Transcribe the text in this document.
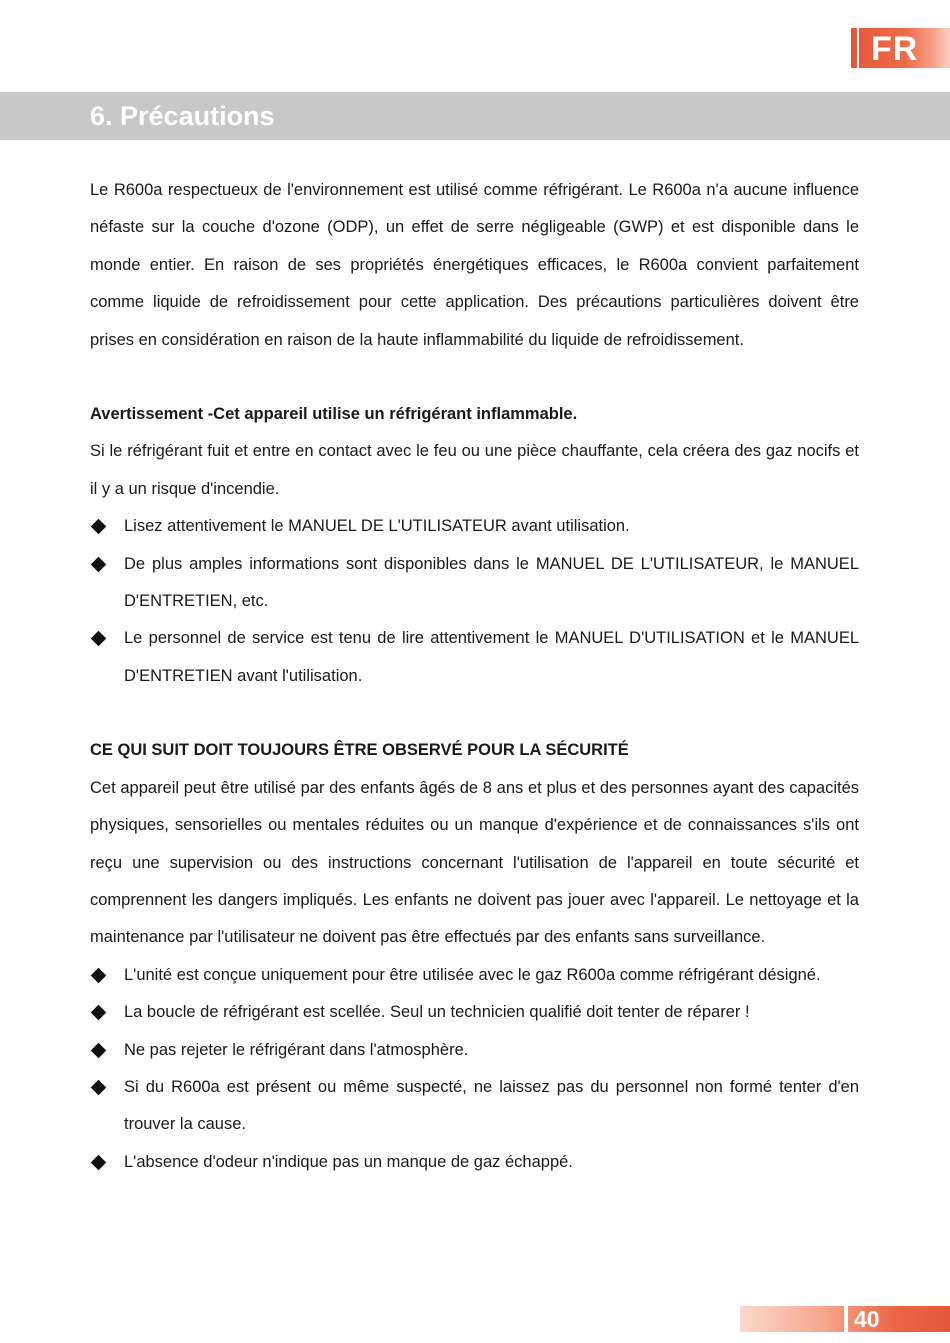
FR
6. Précautions

Le R600a respectueux de l'environnement est utilisé comme réfrigérant. Le R600a n'a aucune influence néfaste sur la couche d'ozone (ODP), un effet de serre négligeable (GWP) et est disponible dans le monde entier. En raison de ses propriétés énergétiques efficaces, le R600a convient parfaitement comme liquide de refroidissement pour cette application. Des précautions particulières doivent être prises en considération en raison de la haute inflammabilité du liquide de refroidissement.

Avertissement -Cet appareil utilise un réfrigérant inflammable.

Si le réfrigérant fuit et entre en contact avec le feu ou une pièce chauffante, cela créera des gaz nocifs et il y a un risque d'incendie.

Lisez attentivement le MANUEL DE L'UTILISATEUR avant utilisation.
De plus amples informations sont disponibles dans le MANUEL DE L'UTILISATEUR, le MANUEL D'ENTRETIEN, etc.
Le personnel de service est tenu de lire attentivement le MANUEL D'UTILISATION et le MANUEL D'ENTRETIEN avant l'utilisation.

CE QUI SUIT DOIT TOUJOURS ÊTRE OBSERVÉ POUR LA SÉCURITÉ

Cet appareil peut être utilisé par des enfants âgés de 8 ans et plus et des personnes ayant des capacités physiques, sensorielles ou mentales réduites ou un manque d'expérience et de connaissances s'ils ont reçu une supervision ou des instructions concernant l'utilisation de l'appareil en toute sécurité et comprennent les dangers impliqués. Les enfants ne doivent pas jouer avec l'appareil. Le nettoyage et la maintenance par l'utilisateur ne doivent pas être effectués par des enfants sans surveillance.

L'unité est conçue uniquement pour être utilisée avec le gaz R600a comme réfrigérant désigné.
La boucle de réfrigérant est scellée. Seul un technicien qualifié doit tenter de réparer !
Ne pas rejeter le réfrigérant dans l'atmosphère.
Si du R600a est présent ou même suspecté, ne laissez pas du personnel non formé tenter d'en trouver la cause.
L'absence d'odeur n'indique pas un manque de gaz échappé.
40
